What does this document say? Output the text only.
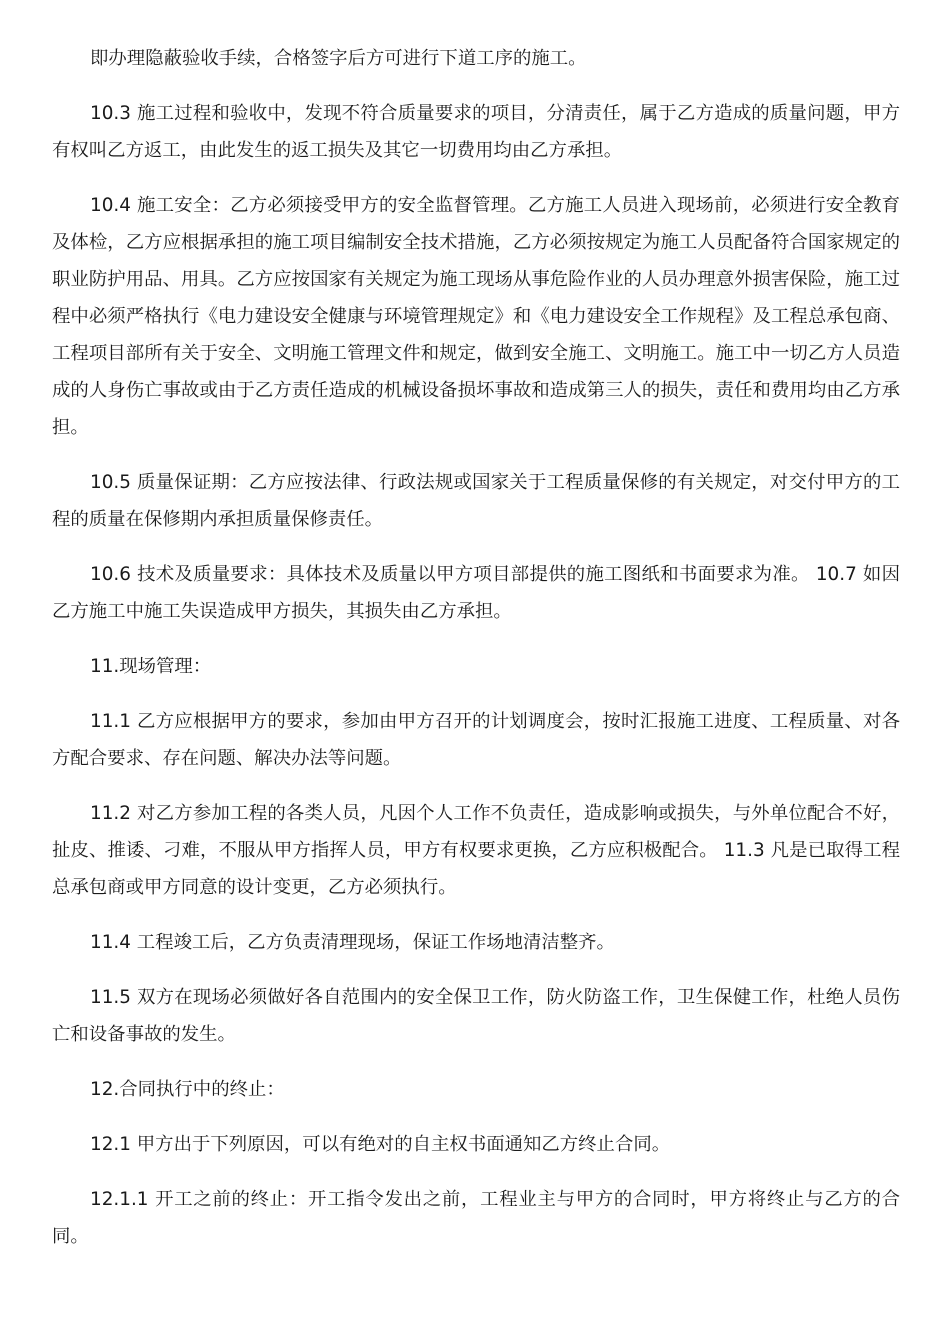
即办理隐蔽验收手续，合格签字后方可进行下道工序的施工。

10.3 施工过程和验收中，发现不符合质量要求的项目，分清责任，属于乙方造成的质量问题，甲方有权叫乙方返工，由此发生的返工损失及其它一切费用均由乙方承担。

10.4 施工安全：乙方必须接受甲方的安全监督管理。乙方施工人员进入现场前，必须进行安全教育及体检，乙方应根据承担的施工项目编制安全技术措施，乙方必须按规定为施工人员配备符合国家规定的职业防护用品、用具。乙方应按国家有关规定为施工现场从事危险作业的人员办理意外损害保险，施工过程中必须严格执行《电力建设安全健康与环境管理规定》和《电力建设安全工作规程》及工程总承包商、工程项目部所有关于安全、文明施工管理文件和规定，做到安全施工、文明施工。施工中一切乙方人员造成的人身伤亡事故或由于乙方责任造成的机械设备损坏事故和造成第三人的损失，责任和费用均由乙方承担。

10.5 质量保证期：乙方应按法律、行政法规或国家关于工程质量保修的有关规定，对交付甲方的工程的质量在保修期内承担质量保修责任。

10.6 技术及质量要求：具体技术及质量以甲方项目部提供的施工图纸和书面要求为准。 10.7 如因乙方施工中施工失误造成甲方损失，其损失由乙方承担。

11.现场管理：

11.1 乙方应根据甲方的要求，参加由甲方召开的计划调度会，按时汇报施工进度、工程质量、对各方配合要求、存在问题、解决办法等问题。

11.2 对乙方参加工程的各类人员，凡因个人工作不负责任，造成影响或损失，与外单位配合不好，扯皮、推诿、刁难，不服从甲方指挥人员，甲方有权要求更换，乙方应积极配合。 11.3 凡是已取得工程总承包商或甲方同意的设计变更，乙方必须执行。

11.4 工程竣工后，乙方负责清理现场，保证工作场地清洁整齐。

11.5 双方在现场必须做好各自范围内的安全保卫工作，防火防盗工作，卫生保健工作，杜绝人员伤亡和设备事故的发生。

12.合同执行中的终止：

12.1 甲方出于下列原因，可以有绝对的自主权书面通知乙方终止合同。

12.1.1 开工之前的终止：开工指令发出之前，工程业主与甲方的合同时，甲方将终止与乙方的合同。
